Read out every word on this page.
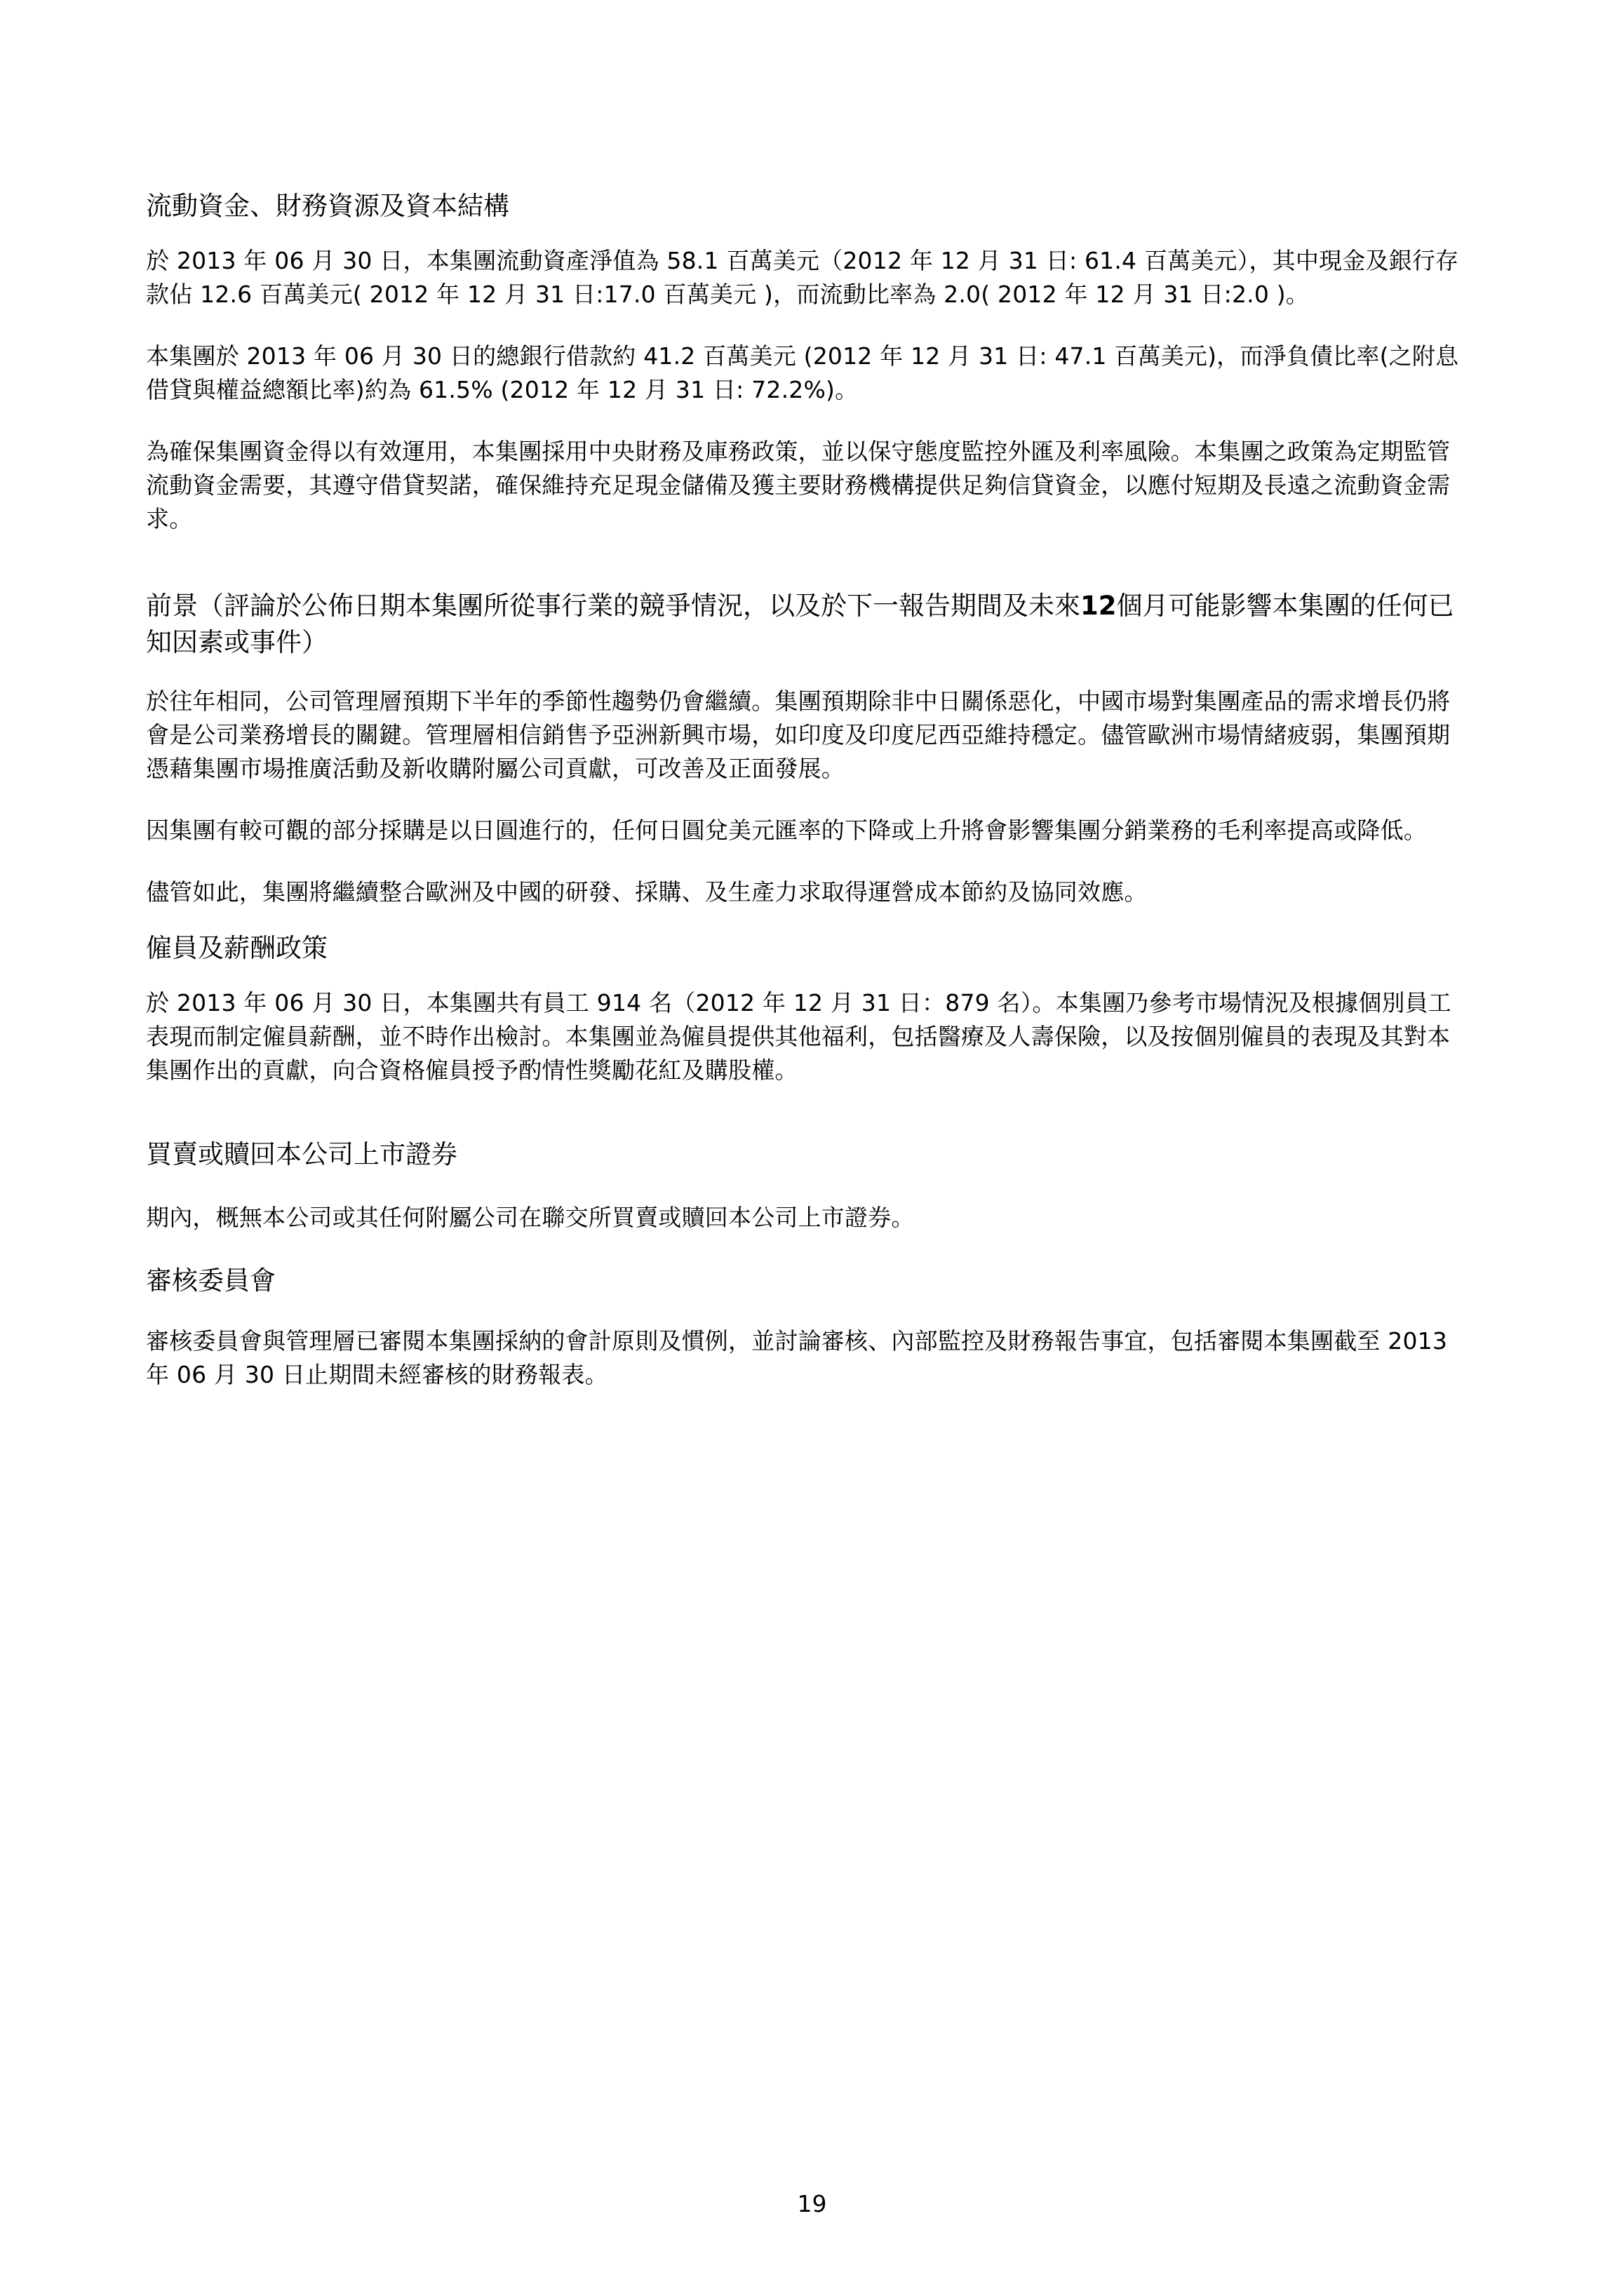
流動資金、財務資源及資本結構

於 2013 年 06 月 30 日，本集團流動資產淨值為 58.1 百萬美元（2012 年 12 月 31 日: 61.4 百萬美元），其中現金及銀行存款佔 12.6 百萬美元( 2012 年 12 月 31 日:17.0 百萬美元 )，而流動比率為 2.0( 2012 年 12 月 31 日:2.0 )。

本集團於 2013 年 06 月 30 日的總銀行借款約 41.2 百萬美元 (2012 年 12 月 31 日: 47.1 百萬美元)，而淨負債比率(之附息借貸與權益總額比率)約為 61.5% (2012 年 12 月 31 日: 72.2%)。

為確保集團資金得以有效運用，本集團採用中央財務及庫務政策，並以保守態度監控外匯及利率風險。本集團之政策為定期監管流動資金需要，其遵守借貸契諾，確保維持充足現金儲備及獲主要財務機構提供足夠信貸資金，以應付短期及長遠之流動資金需求。

前景（評論於公佈日期本集團所從事行業的競爭情況，以及於下一報告期間及未來12個月可能影響本集團的任何已知因素或事件）

於往年相同，公司管理層預期下半年的季節性趨勢仍會繼續。集團預期除非中日關係惡化，中國市場對集團產品的需求增長仍將會是公司業務增長的關鍵。管理層相信銷售予亞洲新興市場，如印度及印度尼西亞維持穩定。儘管歐洲市場情緒疲弱，集團預期憑藉集團市場推廣活動及新收購附屬公司貢獻，可改善及正面發展。

因集團有較可觀的部分採購是以日圓進行的，任何日圓兌美元匯率的下降或上升將會影響集團分銷業務的毛利率提高或降低。

儘管如此，集團將繼續整合歐洲及中國的研發、採購、及生產力求取得運營成本節約及協同效應。

僱員及薪酬政策

於 2013 年 06 月 30 日，本集團共有員工 914 名（2012 年 12 月 31 日：879 名）。本集團乃參考市場情況及根據個別員工表現而制定僱員薪酬，並不時作出檢討。本集團並為僱員提供其他福利，包括醫療及人壽保險，以及按個別僱員的表現及其對本集團作出的貢獻，向合資格僱員授予酌情性獎勵花紅及購股權。

買賣或贖回本公司上市證券

期內，概無本公司或其任何附屬公司在聯交所買賣或贖回本公司上市證券。

審核委員會

審核委員會與管理層已審閱本集團採納的會計原則及慣例，並討論審核、內部監控及財務報告事宜，包括審閱本集團截至 2013 年 06 月 30 日止期間未經審核的財務報表。

19
